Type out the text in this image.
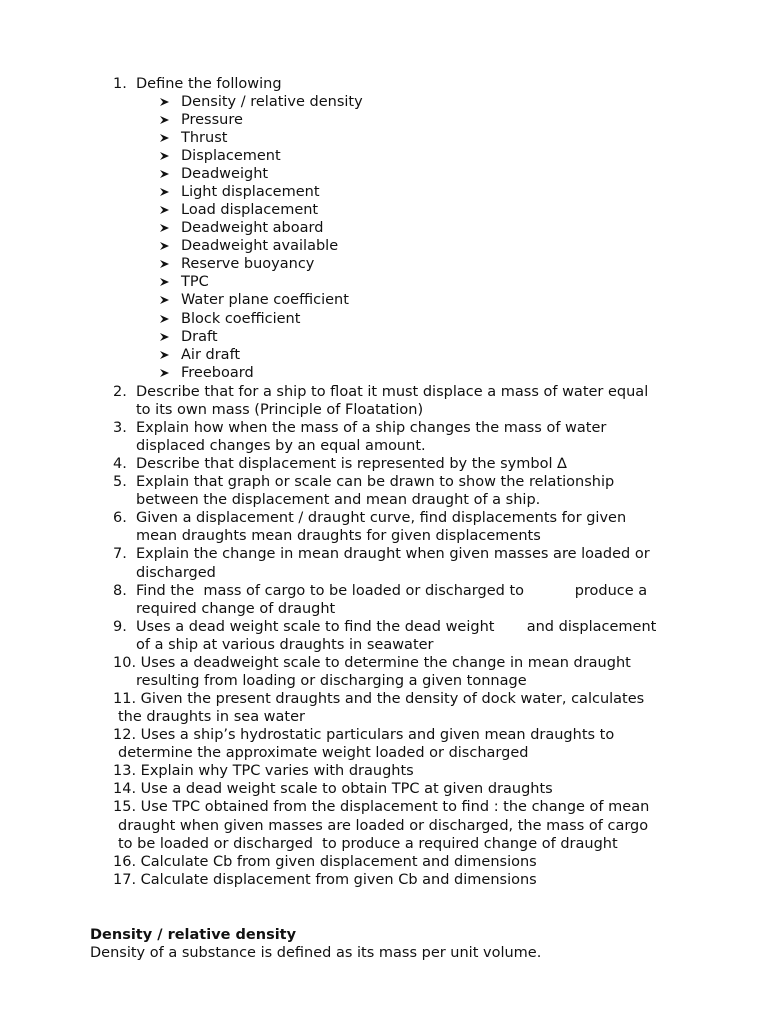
1. Define the following
Density / relative density
Pressure
Thrust
Displacement
Deadweight
Light displacement
Load displacement
Deadweight aboard
Deadweight available
Reserve buoyancy
TPC
Water plane coefficient
Block coefficient
Draft
Air draft
Freeboard
2. Describe that for a ship to float it must displace a mass of water equal
to its own mass (Principle of Floatation)
3. Explain how when the mass of a ship changes the mass of water
displaced changes by an equal amount.
4. Describe that displacement is represented by the symbol ∆
5. Explain that graph or scale can be drawn to show the relationship
between the displacement and mean draught of a ship.
6. Given a displacement / draught curve, find displacements for given
mean draughts mean draughts for given displacements
7. Explain the change in mean draught when given masses are loaded or
discharged
8. Find the  mass of cargo to be loaded or discharged to           produce a
required change of draught
9. Uses a dead weight scale to find the dead weight       and displacement
of a ship at various draughts in seawater
10. Uses a deadweight scale to determine the change in mean draught
resulting from loading or discharging a given tonnage
11. Given the present draughts and the density of dock water, calculates
the draughts in sea water
12. Uses a ship’s hydrostatic particulars and given mean draughts to
determine the approximate weight loaded or discharged
13. Explain why TPC varies with draughts
14. Use a dead weight scale to obtain TPC at given draughts
15. Use TPC obtained from the displacement to find : the change of mean
draught when given masses are loaded or discharged, the mass of cargo
to be loaded or discharged  to produce a required change of draught
16. Calculate Cb from given displacement and dimensions
17. Calculate displacement from given Cb and dimensions
Density / relative density
Density of a substance is defined as its mass per unit volume.
